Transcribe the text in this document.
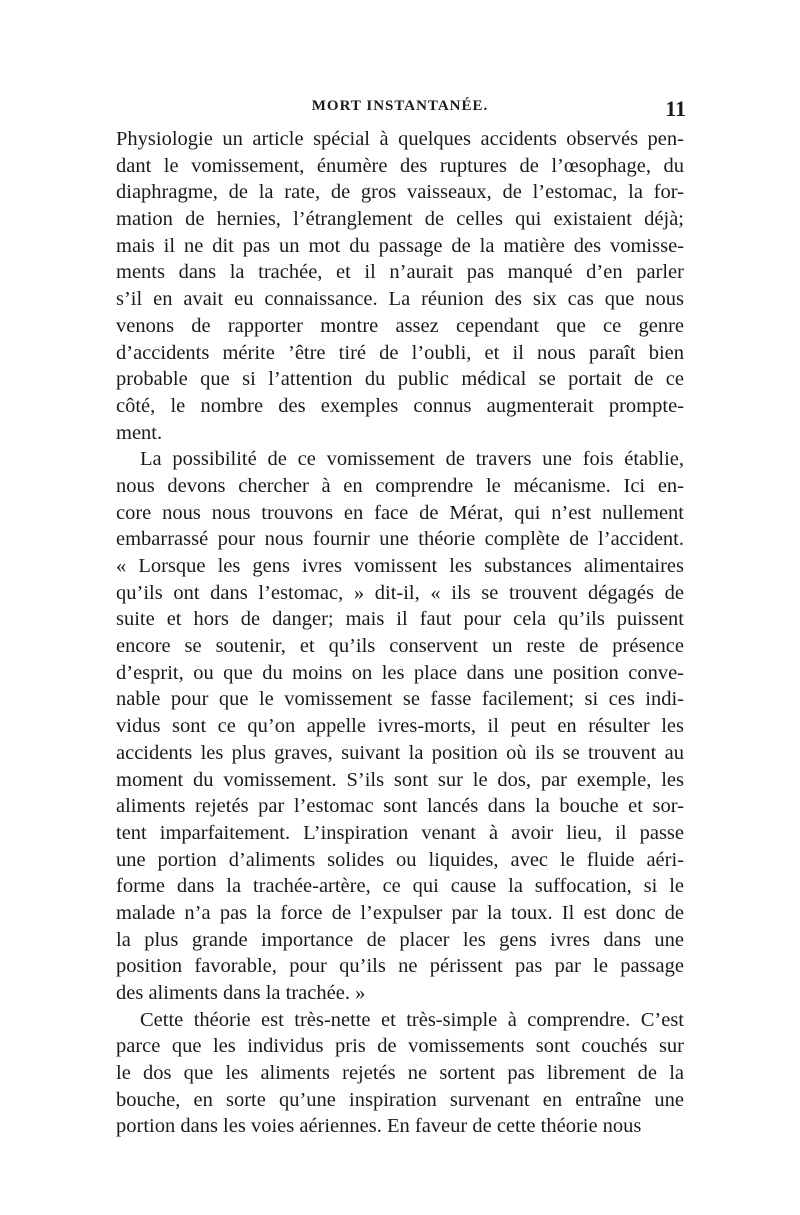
MORT INSTANTANÉE.	11
Physiologie un article spécial à quelques accidents observés pen-
dant le vomissement, énumère des ruptures de l’œsophage, du
diaphragme, de la rate, de gros vaisseaux, de l’estomac, la for-
mation de hernies, l’étranglement de celles qui existaient déjà;
mais il ne dit pas un mot du passage de la matière des vomisse-
ments dans la trachée, et il n’aurait pas manqué d’en parler
s’il en avait eu connaissance. La réunion des six cas que nous
venons de rapporter montre assez cependant que ce genre
d’accidents mérite ’être tiré de l’oubli, et il nous paraît bien
probable que si l’attention du public médical se portait de ce
côté, le nombre des exemples connus augmenterait prompte-
ment.
La possibilité de ce vomissement de travers une fois établie,
nous devons chercher à en comprendre le mécanisme. Ici en-
core nous nous trouvons en face de Mérat, qui n’est nullement
embarrassé pour nous fournir une théorie complète de l’accident.
« Lorsque les gens ivres vomissent les substances alimentaires
qu’ils ont dans l’estomac, » dit-il, « ils se trouvent dégagés de
suite et hors de danger; mais il faut pour cela qu’ils puissent
encore se soutenir, et qu’ils conservent un reste de présence
d’esprit, ou que du moins on les place dans une position conve-
nable pour que le vomissement se fasse facilement; si ces indi-
vidus sont ce qu’on appelle ivres-morts, il peut en résulter les
accidents les plus graves, suivant la position où ils se trouvent au
moment du vomissement. S’ils sont sur le dos, par exemple, les
aliments rejetés par l’estomac sont lancés dans la bouche et sor-
tent imparfaitement. L’inspiration venant à avoir lieu, il passe
une portion d’aliments solides ou liquides, avec le fluide aéri-
forme dans la trachée-artère, ce qui cause la suffocation, si le
malade n’a pas la force de l’expulser par la toux. Il est donc de
la plus grande importance de placer les gens ivres dans une
position favorable, pour qu’ils ne périssent pas par le passage
des aliments dans la trachée. »
Cette théorie est très-nette et très-simple à comprendre. C’est
parce que les individus pris de vomissements sont couchés sur
le dos que les aliments rejetés ne sortent pas librement de la
bouche, en sorte qu’une inspiration survenant en entraîne une
portion dans les voies aériennes. En faveur de cette théorie nous
